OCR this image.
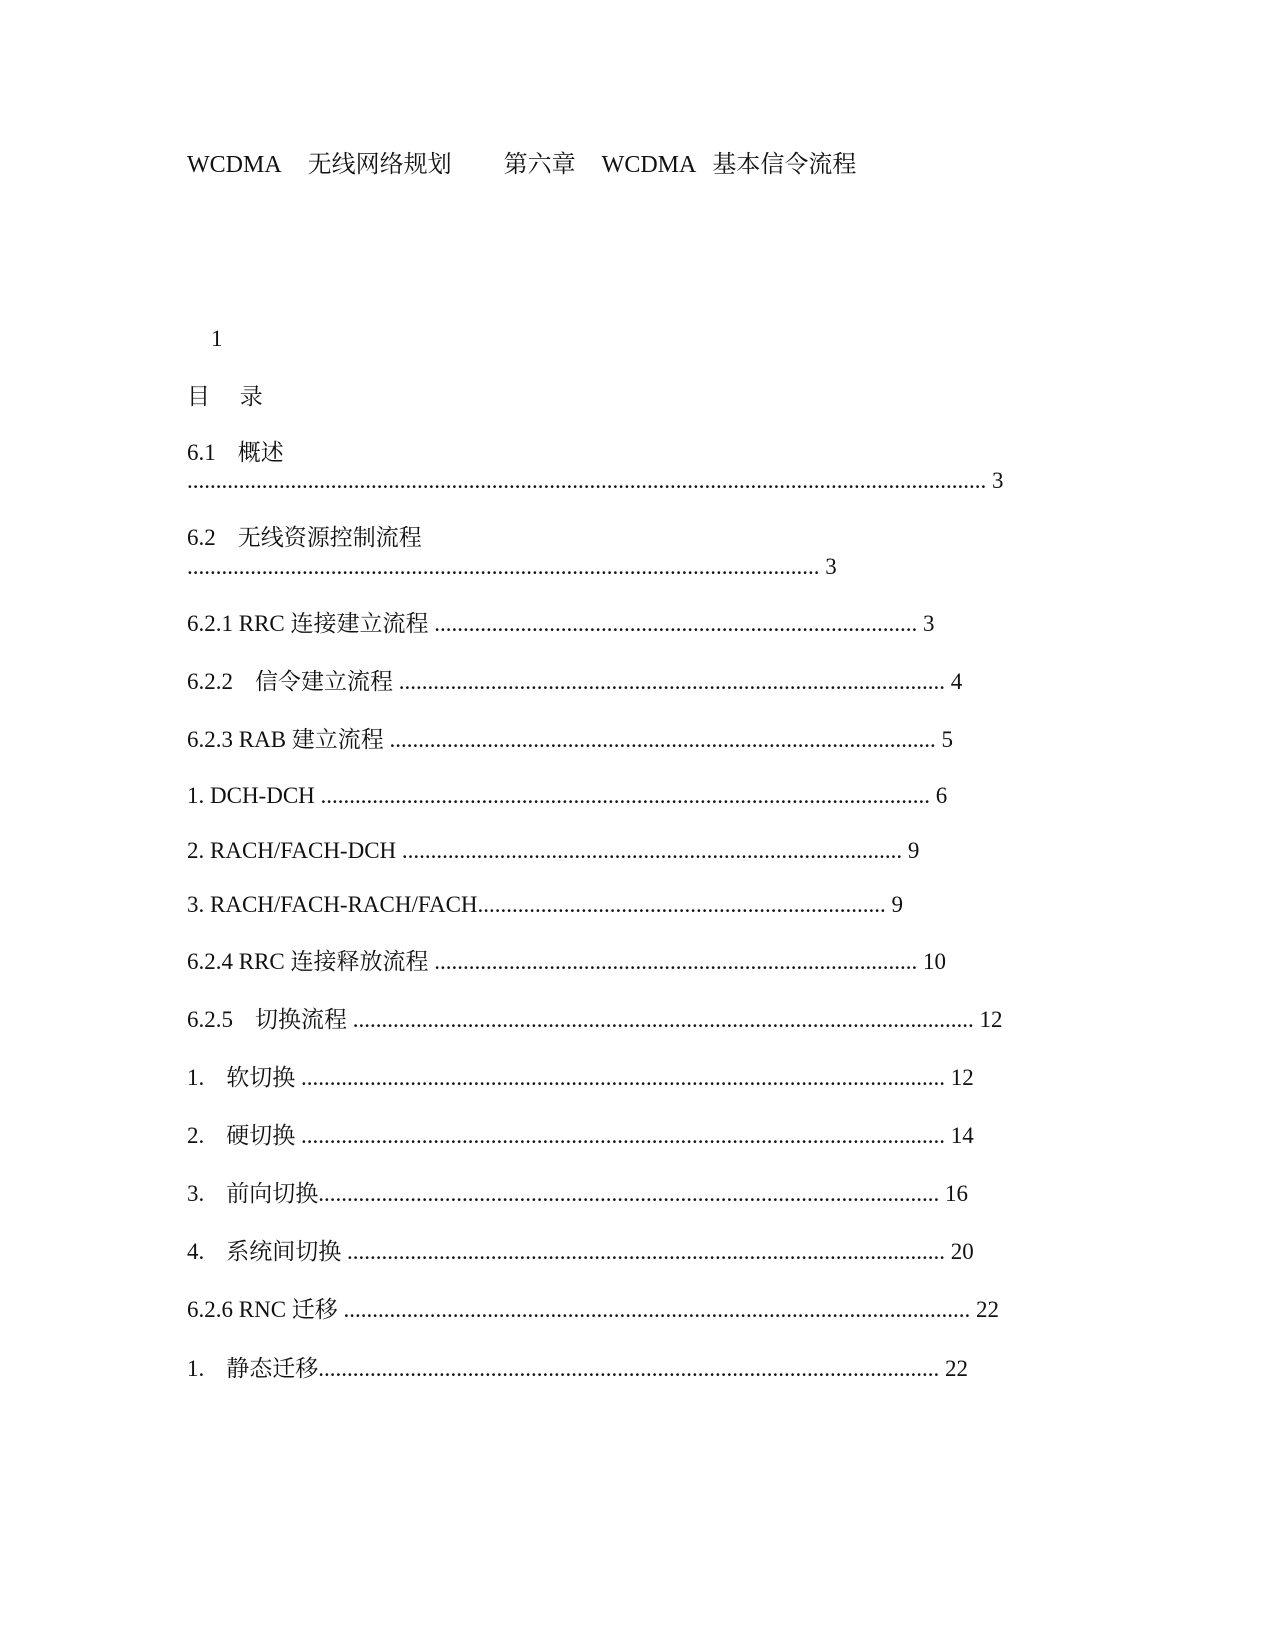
WCDMA 无线网络规划 第六章 WCDMA 基本信令流程
1
目 录
6.1 概述
........................................................................................................................................... 3
6.2 无线资源控制流程
.............................................................................................................. 3
6.2.1 RRC 连接建立流程 .................................................................................... 3
6.2.2 信令建立流程 ............................................................................................... 4
6.2.3 RAB 建立流程 ............................................................................................... 5
1. DCH-DCH .......................................................................................................... 6
2. RACH/FACH-DCH ....................................................................................... 9
3. RACH/FACH-RACH/FACH....................................................................... 9
6.2.4 RRC 连接释放流程 .................................................................................... 10
6.2.5 切换流程 ............................................................................................................ 12
1. 软切换 ................................................................................................................ 12
2. 硬切换 ................................................................................................................ 14
3. 前向切换............................................................................................................ 16
4. 系统间切换 ........................................................................................................ 20
6.2.6 RNC 迁移 ............................................................................................................. 22
1. 静态迁移............................................................................................................ 22
